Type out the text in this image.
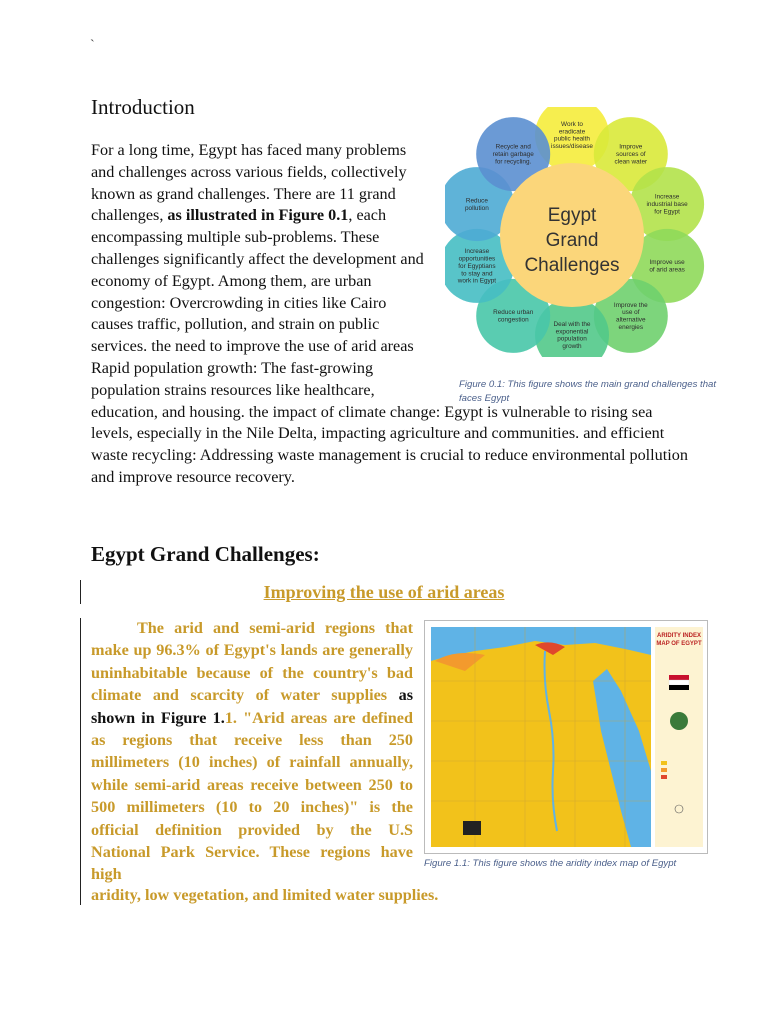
`
Introduction

For a long time, Egypt has faced many problems and challenges across various fields, collectively known as grand challenges. There are 11 grand challenges, as illustrated in Figure 0.1, each encompassing multiple sub-problems. These challenges significantly affect the development and economy of Egypt. Among them, are urban congestion: Overcrowding in cities like Cairo causes traffic, pollution, and strain on public services. the need to improve the use of arid areas Rapid population growth: The fast-growing population strains resources like healthcare, education, and housing. the impact of climate change: Egypt is vulnerable to rising sea levels, especially in the Nile Delta, impacting agriculture and communities. and efficient waste recycling: Addressing waste management is crucial to reduce environmental pollution and improve resource recovery.

Work to eradicate public health issues/disease	Improve sources of clean water
Increase industrial base for Egypt
Improve use of arid areas
Improve the use of alternative energies
Deal with the exponential population growth
Reduce urban congestion
Increase opportunities for Egyptians to stay and work in Egypt
Reduce pollution
Recycle and retain garbage for recycling.
Egypt
Grand
Challenges
Figure 0.1: This figure shows the main grand challenges that faces Egypt
Egypt Grand Challenges:
Improving the use of arid areas

The arid and semi-arid regions that make up 96.3% of Egypt's lands are generally uninhabitable because of the country's bad climate and scarcity of water supplies as shown in Figure 1.1. "Arid areas are defined as regions that receive less than 250 millimeters (10 inches) of rainfall annually, while semi-arid areas receive between 250 to 500 millimeters (10 to 20 inches)" is the official definition provided by the U.S National Park Service. These regions have high

aridity, low vegetation, and limited water supplies.
ARIDITY INDEX
MAP OF EGYPT
Figure 1.1: This figure shows the aridity index map of Egypt
